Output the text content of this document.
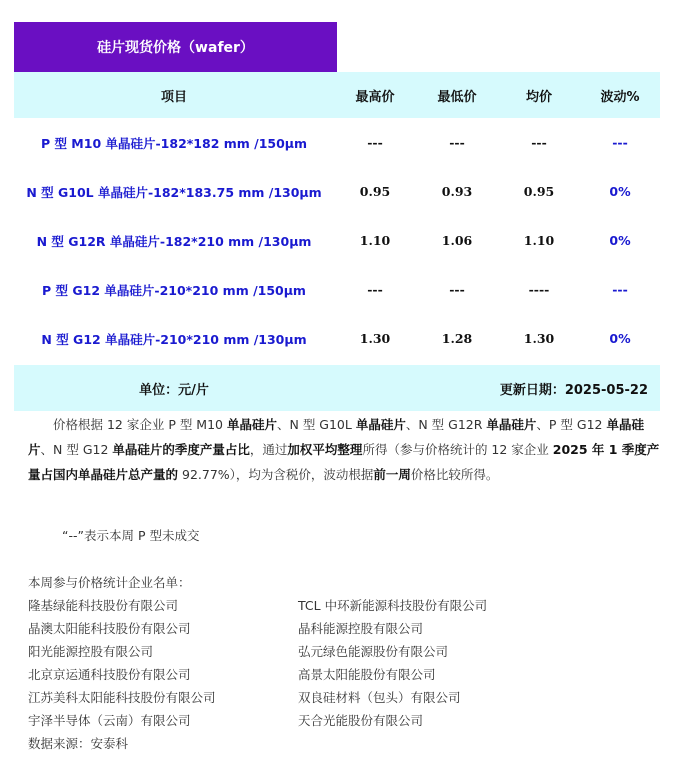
硅片现货价格（wafer）
项目	最高价	最低价	均价	波动%
P 型 M10 单晶硅片-182*182 mm /150μm	---	---	---	---
N 型 G10L 单晶硅片-182*183.75 mm /130μm	0.95	0.93	0.95	0%
N 型 G12R 单晶硅片-182*210 mm /130μm	1.10	1.06	1.10	0%
P 型 G12 单晶硅片-210*210 mm /150μm	---	---	----	---
N 型 G12 单晶硅片-210*210 mm /130μm	1.30	1.28	1.30	0%
单位：元/片	更新日期：2025-05-22
价格根据 12 家企业 P 型 M10 单晶硅片、N 型 G10L 单晶硅片、N 型 G12R 单晶硅片、P 型 G12 单晶硅片、N 型 G12 单晶硅片的季度产量占比，通过加权平均整理所得（参与价格统计的 12 家企业 2025 年 1 季度产量占国内单晶硅片总产量的 92.77%），均为含税价，波动根据前一周价格比较所得。
“--”表示本周 P 型未成交
本周参与价格统计企业名单：
隆基绿能科技股份有限公司	TCL 中环新能源科技股份有限公司
晶澳太阳能科技股份有限公司	晶科能源控股有限公司
阳光能源控股有限公司	弘元绿色能源股份有限公司
北京京运通科技股份有限公司	高景太阳能股份有限公司
江苏美科太阳能科技股份有限公司	双良硅材料（包头）有限公司
宇泽半导体（云南）有限公司	天合光能股份有限公司
数据来源：安泰科
